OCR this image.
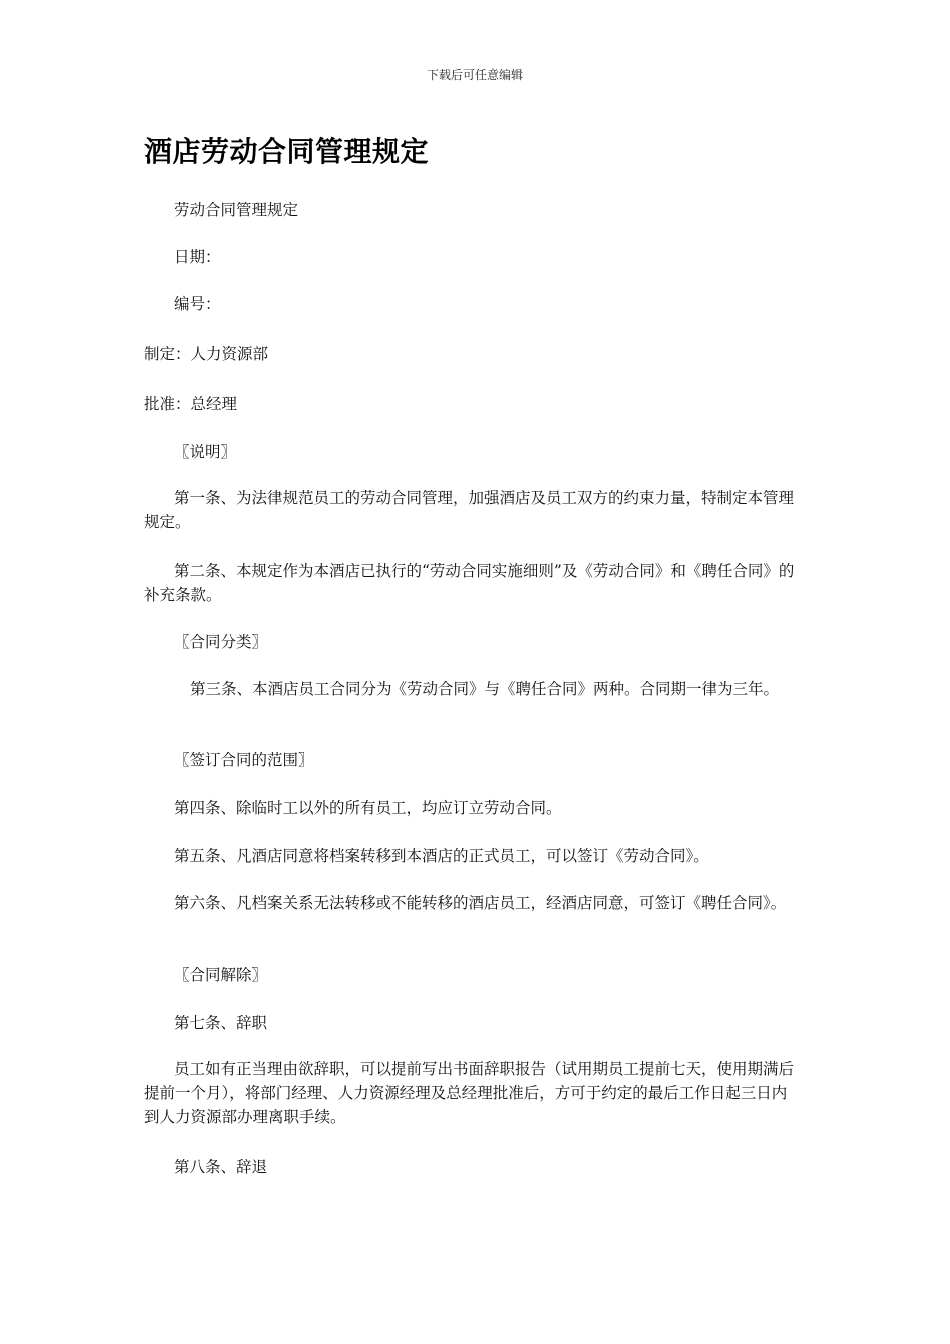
下载后可任意编辑
酒店劳动合同管理规定

劳动合同管理规定

日期：

编号：

制定：人力资源部

批准：总经理

〖说明〗

第一条、为法律规范员工的劳动合同管理，加强酒店及员工双方的约束力量，特制定本管理规定。

第二条、本规定作为本酒店已执行的“劳动合同实施细则”及《劳动合同》和《聘任合同》的补充条款。

〖合同分类〗

第三条、本酒店员工合同分为《劳动合同》与《聘任合同》两种。合同期一律为三年。

〖签订合同的范围〗

第四条、除临时工以外的所有员工，均应订立劳动合同。

第五条、凡酒店同意将档案转移到本酒店的正式员工，可以签订《劳动合同》。

第六条、凡档案关系无法转移或不能转移的酒店员工，经酒店同意，可签订《聘任合同》。

〖合同解除〗

第七条、辞职

员工如有正当理由欲辞职，可以提前写出书面辞职报告（试用期员工提前七天，使用期满后提前一个月），将部门经理、人力资源经理及总经理批准后，方可于约定的最后工作日起三日内到人力资源部办理离职手续。

第八条、辞退
